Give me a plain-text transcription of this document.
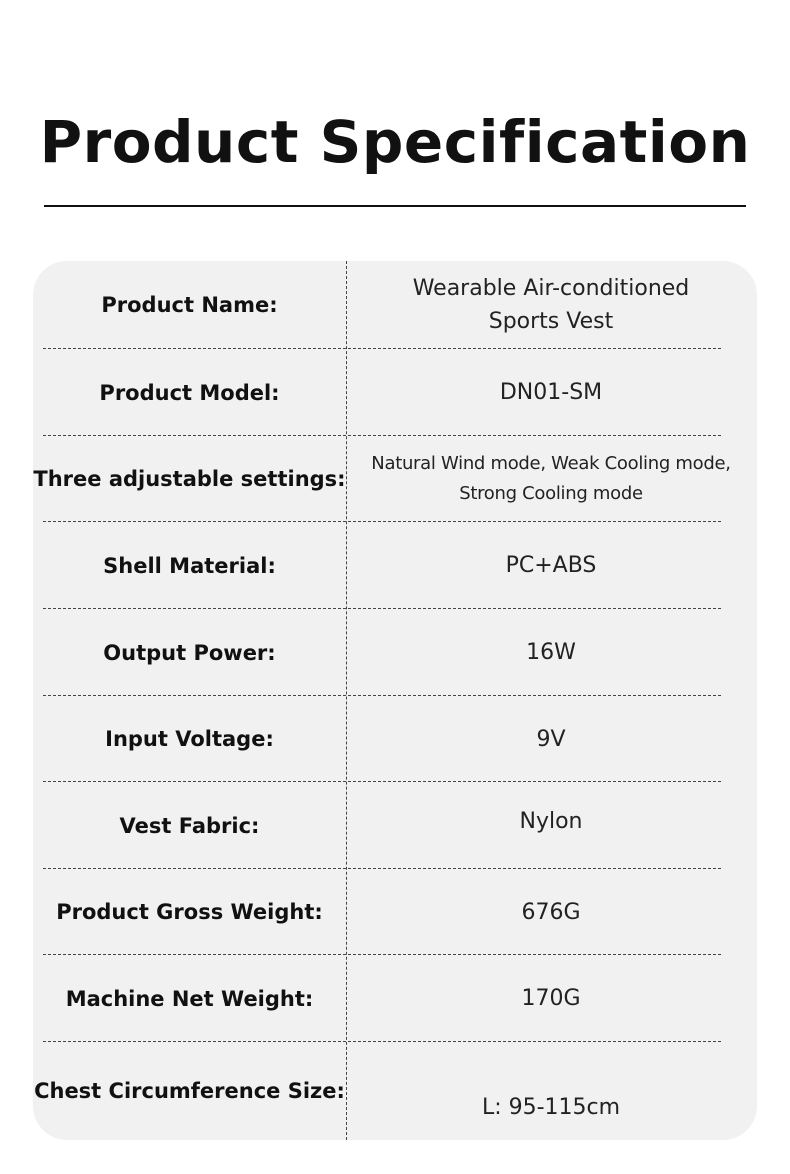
Product Specification
Product Name:
Wearable Air-conditioned
Sports Vest
Product Model:	DN01-SM
Three adjustable settings:
Natural Wind mode, Weak Cooling mode,
Strong Cooling mode
Shell Material:	PC+ABS
Output Power:	16W
Input Voltage:	9V
Vest Fabric:	Nylon
Product Gross Weight:	676G
Machine Net Weight:	170G
Chest Circumference Size:
L: 95-115cm
